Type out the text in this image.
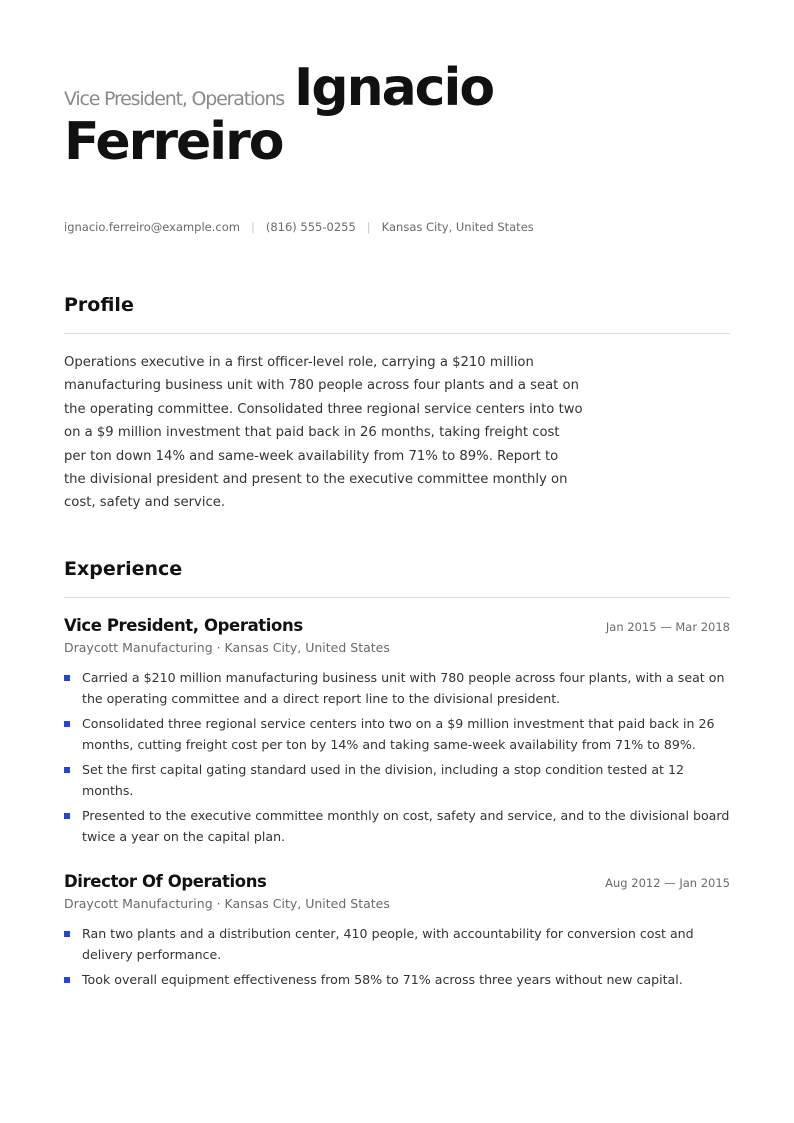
Vice President, Operations Ignacio
Ferreiro
ignacio.ferreiro@example.com | (816) 555-0255 | Kansas City, United States
Profile

Operations executive in a first officer-level role, carrying a $210 million manufacturing business unit with 780 people across four plants and a seat on the operating committee. Consolidated three regional service centers into two on a $9 million investment that paid back in 26 months, taking freight cost per ton down 14% and same-week availability from 71% to 89%. Report to the divisional president and present to the executive committee monthly on cost, safety and service.

Experience
Vice President, Operations	Jan 2015 — Mar 2018
Draycott Manufacturing · Kansas City, United States
Carried a $210 million manufacturing business unit with 780 people across four plants, with a seat on the operating committee and a direct report line to the divisional president.
Consolidated three regional service centers into two on a $9 million investment that paid back in 26 months, cutting freight cost per ton by 14% and taking same-week availability from 71% to 89%.
Set the first capital gating standard used in the division, including a stop condition tested at 12 months.
Presented to the executive committee monthly on cost, safety and service, and to the divisional board twice a year on the capital plan.
Director Of Operations	Aug 2012 — Jan 2015
Draycott Manufacturing · Kansas City, United States
Ran two plants and a distribution center, 410 people, with accountability for conversion cost and delivery performance.
Took overall equipment effectiveness from 58% to 71% across three years without new capital.
